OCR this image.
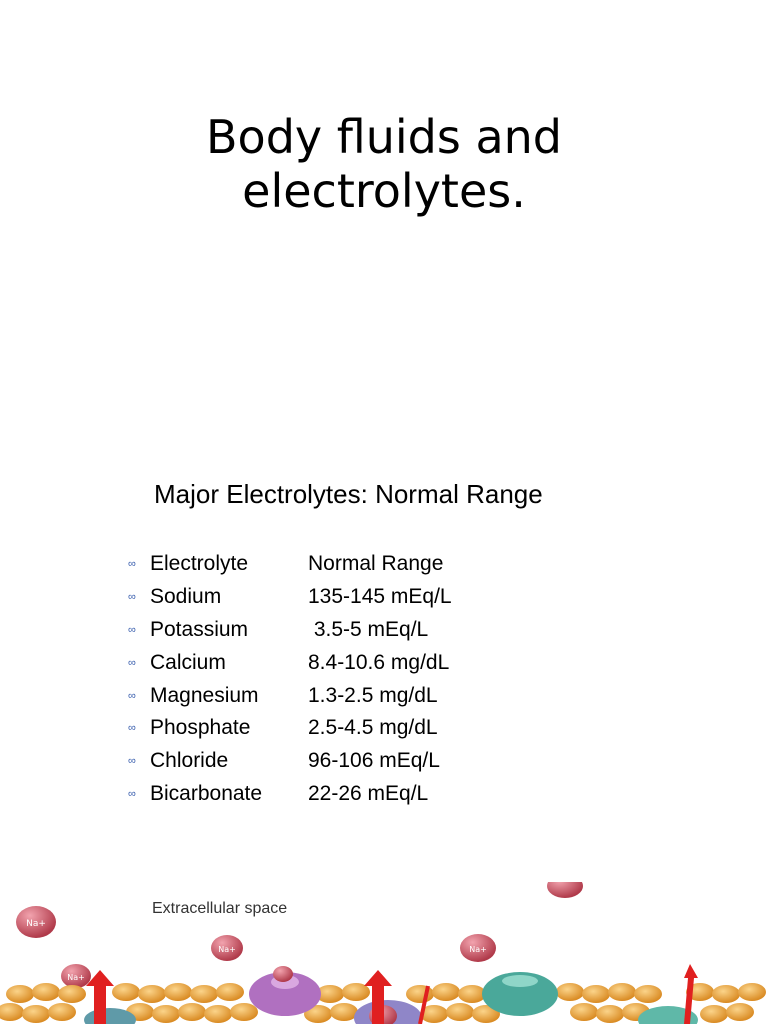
Body fluids and
electrolytes.
Major Electrolytes: Normal Range
∞ Electrolyte	Normal Range
∞ Sodium	135-145 mEq/L
∞ Potassium	3.5-5 mEq/L
∞ Calcium	8.4-10.6 mg/dL
∞ Magnesium	1.3-2.5 mg/dL
∞ Phosphate	2.5-4.5 mg/dL
∞ Chloride	96-106 mEq/L
∞ Bicarbonate	22-26 mEq/L
Na+
Na+	Na+
Na+
Extracellular space
